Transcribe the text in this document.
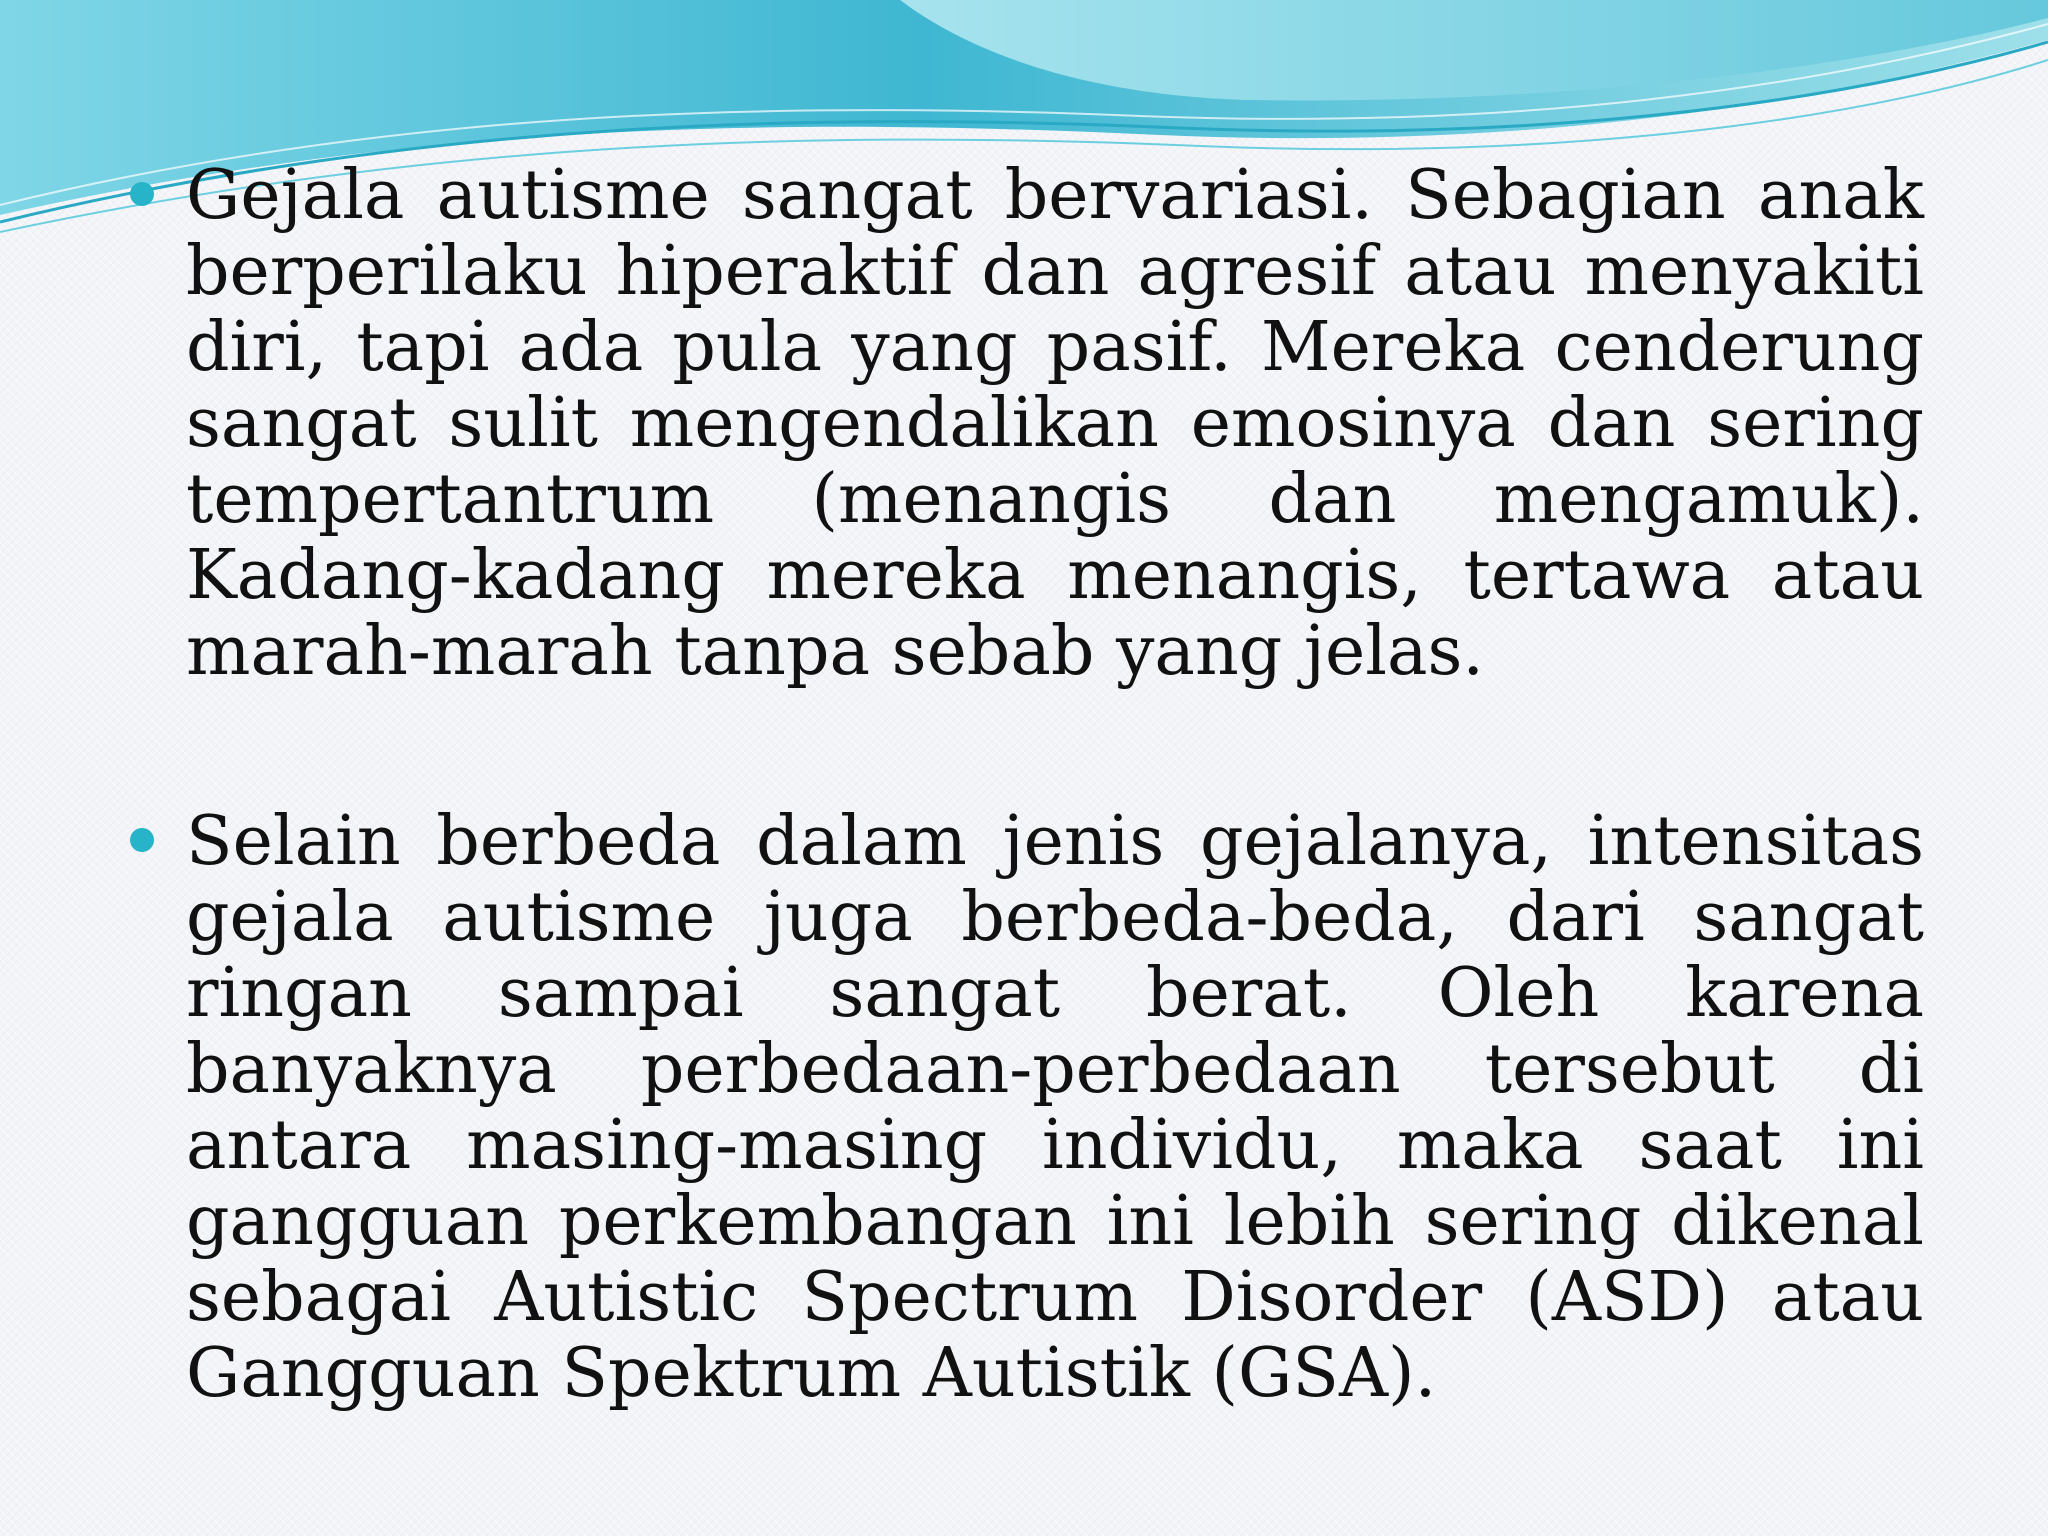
Gejala autisme sangat bervariasi. Sebagian anak berperilaku hiperaktif dan agresif atau menyakiti diri, tapi ada pula yang pasif. Mereka cenderung sangat sulit mengendalikan emosinya dan sering tempertantrum (menangis dan mengamuk). Kadang-kadang mereka menangis, tertawa atau marah-marah tanpa sebab yang jelas.
Selain berbeda dalam jenis gejalanya, intensitas gejala autisme juga berbeda-beda, dari sangat ringan sampai sangat berat. Oleh karena banyaknya perbedaan-perbedaan tersebut di antara masing-masing individu, maka saat ini gangguan perkembangan ini lebih sering dikenal sebagai Autistic Spectrum Disorder (ASD) atau Gangguan Spektrum Autistik (GSA).
